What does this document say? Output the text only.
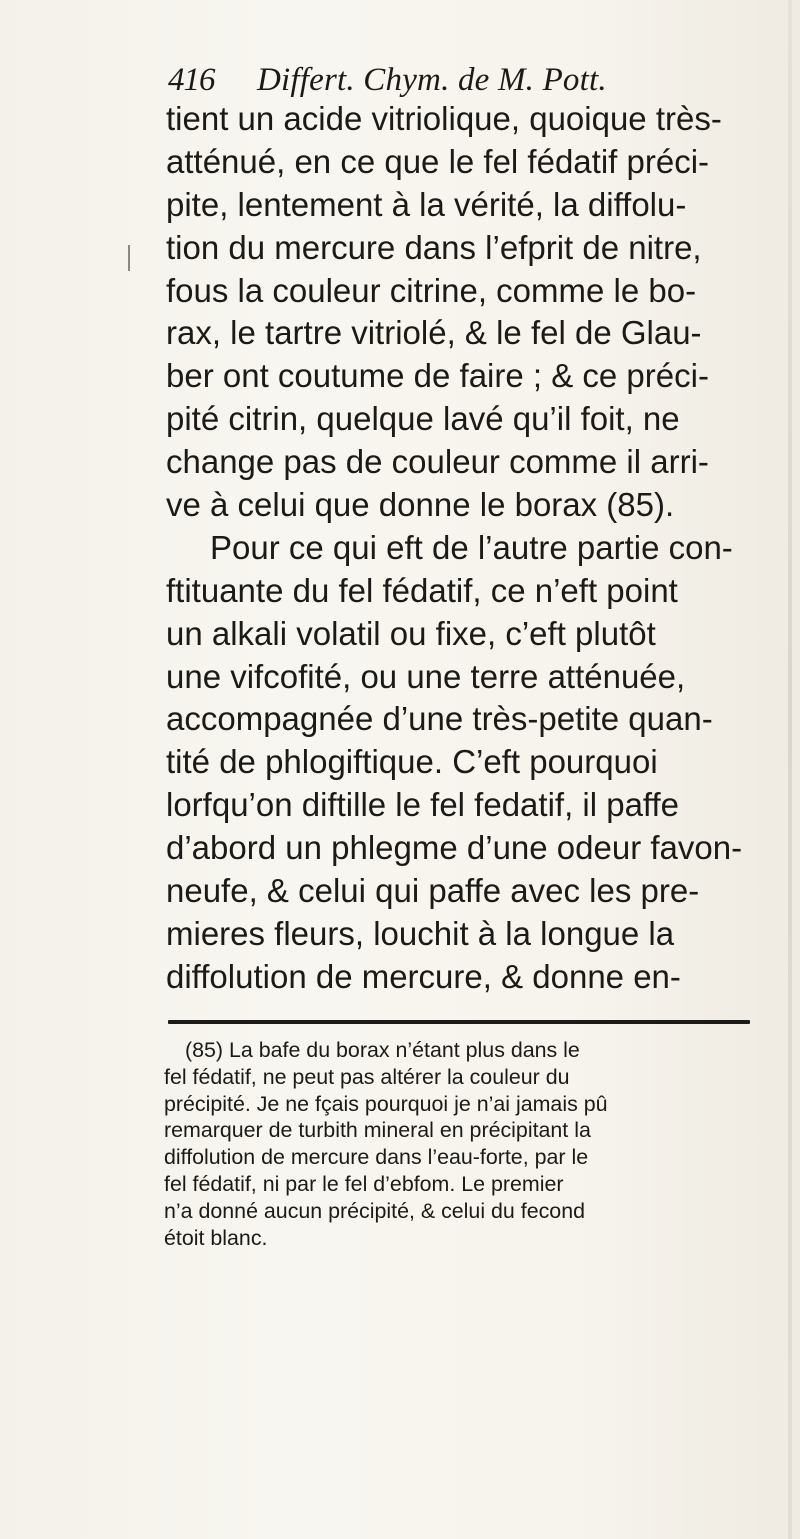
416 Differt. Chym. de M. Pott.
tient un acide vitriolique, quoique très-
atténué, en ce que le fel fédatif préci-
pite, lentement à la vérité, la diffolu-
tion du mercure dans l’efprit de nitre,
fous la couleur citrine, comme le bo-
rax, le tartre vitriolé, & le fel de Glau-
ber ont coutume de faire ; & ce préci-
pité citrin, quelque lavé qu’il foit, ne
change pas de couleur comme il arri-
ve à celui que donne le borax (85).
Pour ce qui eft de l’autre partie con-
ftituante du fel fédatif, ce n’eft point
un alkali volatil ou fixe, c’eft plutôt
une vifcofité, ou une terre atténuée,
accompagnée d’une très-petite quan-
tité de phlogiftique. C’eft pourquoi
lorfqu’on diftille le fel fedatif, il paffe
d’abord un phlegme d’une odeur favon-
neufe, & celui qui paffe avec les pre-
mieres fleurs, louchit à la longue la
diffolution de mercure, & donne en-
(85) La bafe du borax n’étant plus dans le
fel fédatif, ne peut pas altérer la couleur du
précipité. Je ne fçais pourquoi je n’ai jamais pû
remarquer de turbith mineral en précipitant la
diffolution de mercure dans l’eau-forte, par le
fel fédatif, ni par le fel d’ebfom. Le premier
n’a donné aucun précipité, & celui du fecond
étoit blanc.
